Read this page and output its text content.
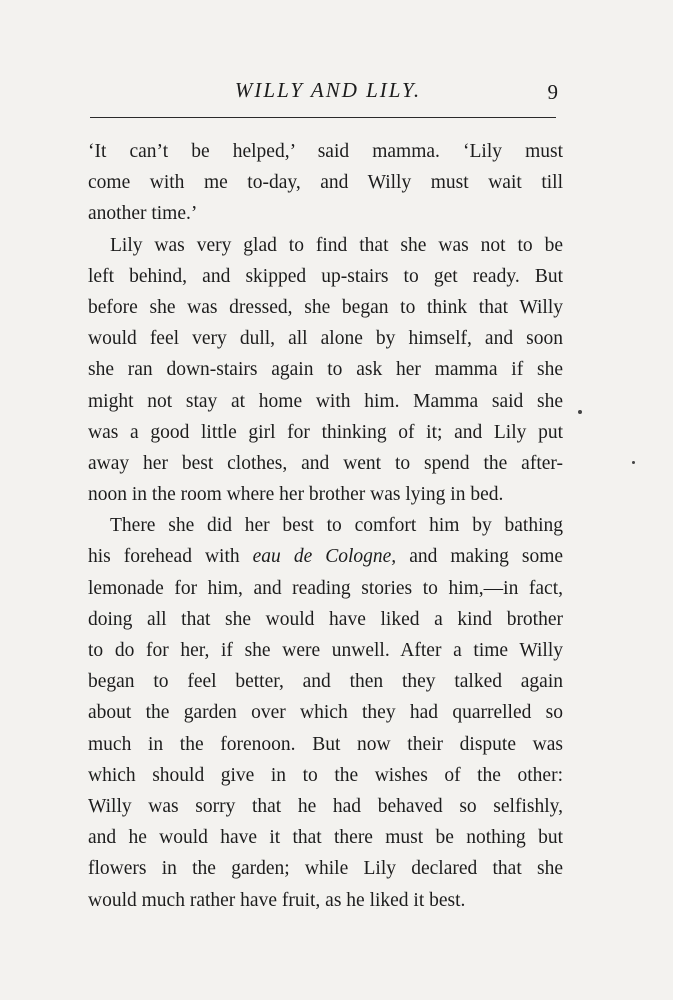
WILLY AND LILY.	9
‘It can’t be helped,’ said mamma. ‘Lily must
come with me to-day, and Willy must wait till
another time.’
Lily was very glad to find that she was not to be
left behind, and skipped up-stairs to get ready. But
before she was dressed, she began to think that Willy
would feel very dull, all alone by himself, and soon
she ran down-stairs again to ask her mamma if she
might not stay at home with him. Mamma said she
was a good little girl for thinking of it; and Lily put
away her best clothes, and went to spend the after-
noon in the room where her brother was lying in bed.
There she did her best to comfort him by bathing
his forehead with eau de Cologne, and making some
lemonade for him, and reading stories to him,—in fact,
doing all that she would have liked a kind brother
to do for her, if she were unwell. After a time Willy
began to feel better, and then they talked again
about the garden over which they had quarrelled so
much in the forenoon. But now their dispute was
which should give in to the wishes of the other:
Willy was sorry that he had behaved so selfishly,
and he would have it that there must be nothing but
flowers in the garden; while Lily declared that she
would much rather have fruit, as he liked it best.
